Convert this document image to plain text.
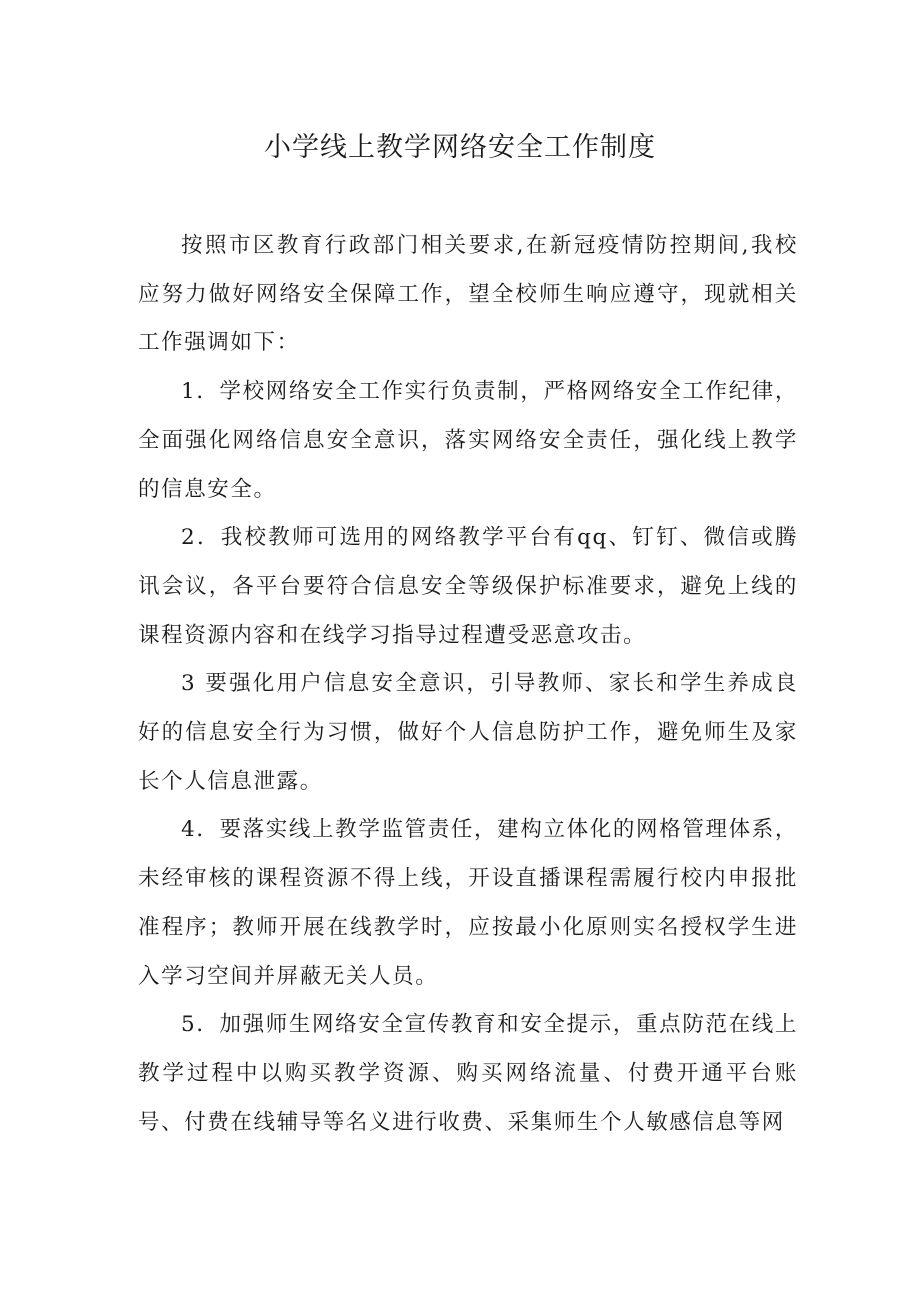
小学线上教学网络安全工作制度

按照市区教育行政部门相关要求,在新冠疫情防控期间,我校应努力做好网络安全保障工作，望全校师生响应遵守，现就相关工作强调如下：

1．学校网络安全工作实行负责制，严格网络安全工作纪律，全面强化网络信息安全意识，落实网络安全责任，强化线上教学的信息安全。

2．我校教师可选用的网络教学平台有qq、钉钉、微信或腾讯会议，各平台要符合信息安全等级保护标准要求，避免上线的课程资源内容和在线学习指导过程遭受恶意攻击。

3 要强化用户信息安全意识，引导教师、家长和学生养成良好的信息安全行为习惯，做好个人信息防护工作，避免师生及家长个人信息泄露。

4．要落实线上教学监管责任，建构立体化的网格管理体系，未经审核的课程资源不得上线，开设直播课程需履行校内申报批准程序；教师开展在线教学时，应按最小化原则实名授权学生进入学习空间并屏蔽无关人员。

5．加强师生网络安全宣传教育和安全提示，重点防范在线上教学过程中以购买教学资源、购买网络流量、付费开通平台账号、付费在线辅导等名义进行收费、采集师生个人敏感信息等网
